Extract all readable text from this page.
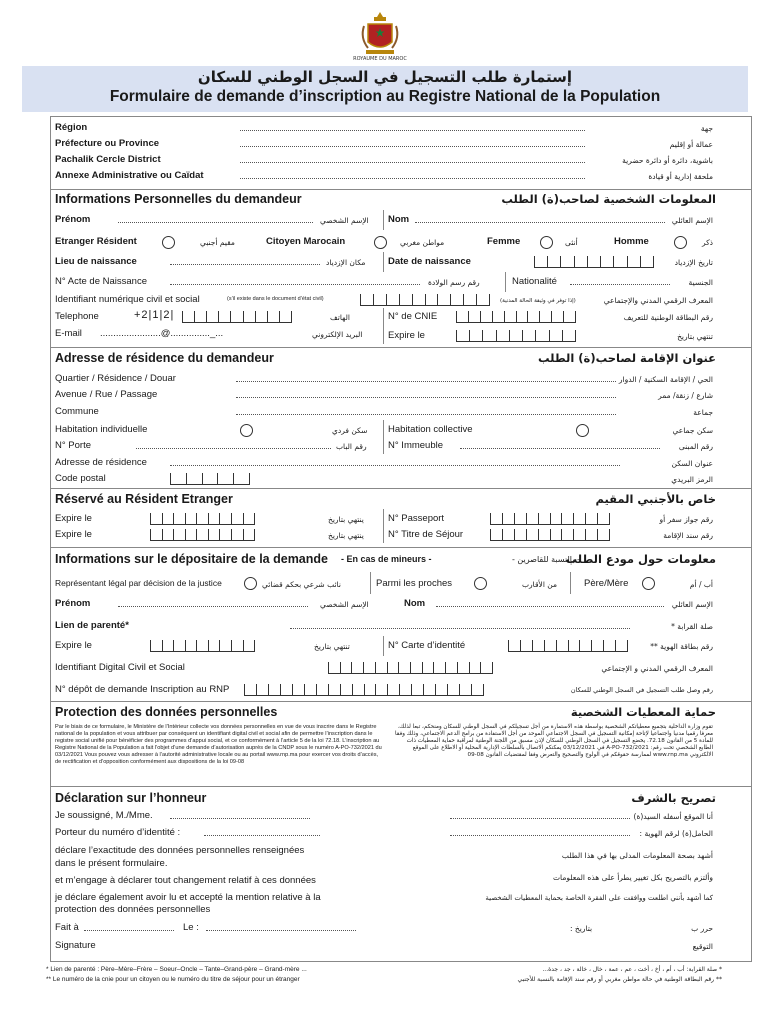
ROYAUME DU MAROC
إستمارة طلب التسجيل في السجل الوطني للسكان
Formulaire de demande d’inscription au Registre National de la Population
Région	جهة
Préfecture ou Province	عمالة أو إقليم
Pachalik Cercle District	باشوية، دائرة أو دائرة حضرية
Annexe Administrative ou Caïdat	ملحقة إدارية أو قيادة
Informations Personnelles du demandeur	المعلومات الشخصية لصاحب(ة) الطلب
Prénom	الإسم الشخصي Nom	الإسم العائلي
Etranger Résident	مقيم أجنبي	Citoyen Marocain	مواطن مغربي	Femme	أنثى	Homme	ذكر
Lieu de naissance	مكان الإزدياد Date de naissance	تاريخ الإزدياد
N° Acte de Naissance	رقم رسم الولادة	Nationalité	الجنسية
Identifiant numérique civil et social	(s’il existe dans le document d’état civil)	(إذا توفر في وثيقة الحالة المدنية)	المعرف الرقمي المدني والإجتماعي
Telephone	+2|1|2|	الهاتف	N° de CNIE	رقم البطاقة الوطنية للتعريف
E-mail .......................@..............._...	البريد الإلكتروني	Expire le	تنتهي بتاريخ
Adresse de résidence du demandeur	عنوان الإقامة لصاحب(ة) الطلب
Quartier / Résidence / Douar	الحي / الإقامة السكنية / الدوار
Avenue / Rue / Passage	شارع / زنقة/ ممر
Commune	جماعة
Habitation individuelle	سكن فردي Habitation collective	سكن جماعي
N° Porte	رقم الباب N° Immeuble	رقم المبنى
Adresse de résidence	عنوان السكن
Code postal	الرمز البريدي
Réservé au Résident Etranger	خاص بالأجنبي المقيم
Expire le	ينتهي بتاريخ	N° Passeport	رقم جواز سفر أو
Expire le	ينتهي بتاريخ	N° Titre de Séjour	رقم سند الإقامة
Informations sur le dépositaire de la demande - En cas de mineurs -	- بالنسبة للقاصرين -
معلومات حول مودع الطلب
Représentant légal par décision de la justice	نائب شرعي بحكم قضائي	Parmi les proches	من الأقارب	Père/Mère	أب / أم
Prénom	الإسم الشخصي	Nom	الإسم العائلي
Lien de parenté*	صلة القرابة *
Expire le	تنتهي بتاريخ	N° Carte d’identité	رقم بطاقة الهوية **
Identifiant Digital Civil et Social	المعرف الرقمي المدني و الإجتماعي
N° dépôt de demande Inscription au RNP	رقم وصل طلب التسجيل في السجل الوطني للسكان
Protection des données personnelles	حماية المعطيات الشخصية
Par le biais de ce formulaire, le Ministère de l’Intérieur collecte vos données personnelles en vue de vous inscrire dans le Registre national de la population et vous attribuer par conséquent un identifiant digital civil et social afin de permettre l’inscription dans le registre social unifié pour bénéficier des programmes d’appui social, et ce conformément à l’article 5 de la loi 72.18. L’inscription au Registre National de la Population a fait l’objet d’une demande d’autorisation auprès de la CNDP sous le numéro A-PO-732/2021 du 03/12/2021 Vous pouvez vous adresser à l’autorité administrative locale ou au portail www.rnp.ma pour exercer vos droits d’accès, de rectification et d’opposition conformément aux dispositions de la loi 09-08
تقوم وزارة الداخلية بتجميع معطياتكم الشخصية بواسطة هذه الاستمارة من أجل تسجيلكم في السجل الوطني للسكان ومنحكم، تبعا لذلك، معرفا رقميا مدنيا واجتماعيا لإتاحة إمكانية التسجيل في السجل الاجتماعي الموحد من أجل الاستفادة من برامج الدعم الاجتماعي، وذلك وفقا للمادة 5 من القانون 72.18. يخضع التسجيل في السجل الوطني للسكان لإذن مسبق من اللجنة الوطنية لمراقبة حماية المعطيات ذات الطابع الشخصي تحت رقم: A-PO-732/2021 في 03/12/2021 يمكنكم الاتصال بالسلطات الإدارية المحلية أو الاطلاع على الموقع الالكتروني www.rnp.ma لممارسة حقوقكم في الولوج والتصحيح والتعرض وفقا لمقتضيات القانون 08-09
Déclaration sur l’honneur	تصريح بالشرف
Je soussigné, M./Mme.	أنا الموقع أسفله السيد(ة)
Porteur du numéro d’identité :	الحامل(ة) لرقم الهوية :
déclare l’exactitude des données personnelles renseignées
dans le présent formulaire.
أشهد بصحة المعلومات المدلى بها في هذا الطلب
et m’engage à déclarer tout changement relatif à ces données	وألتزم بالتصريح بكل تغيير يطرأ على هذه المعلومات
je déclare également avoir lu et accepté la mention relative à la
protection des données personnelles
كما أشهد بأنني اطلعت ووافقت على الفقرة الخاصة بحماية المعطيات الشخصية
Fait à	Le :	بتاريخ :	حرر ب
Signature	التوقيع
* Lien de parenté : Père–Mère–Frère – Soeur–Oncle – Tante–Grand-père – Grand-mère ...
** Le numéro de la cnie pour un citoyen ou le numéro du titre de séjour pour un étranger
* صلة القرابة: أب ، أم ، أخ ، أخت ، عم ، عمة ، خال ، خالة ، جد ، جدة...
** رقم البطاقة الوطنية في حالة مواطن مغربي أو رقم سند الإقامة بالنسبة للأجنبي
